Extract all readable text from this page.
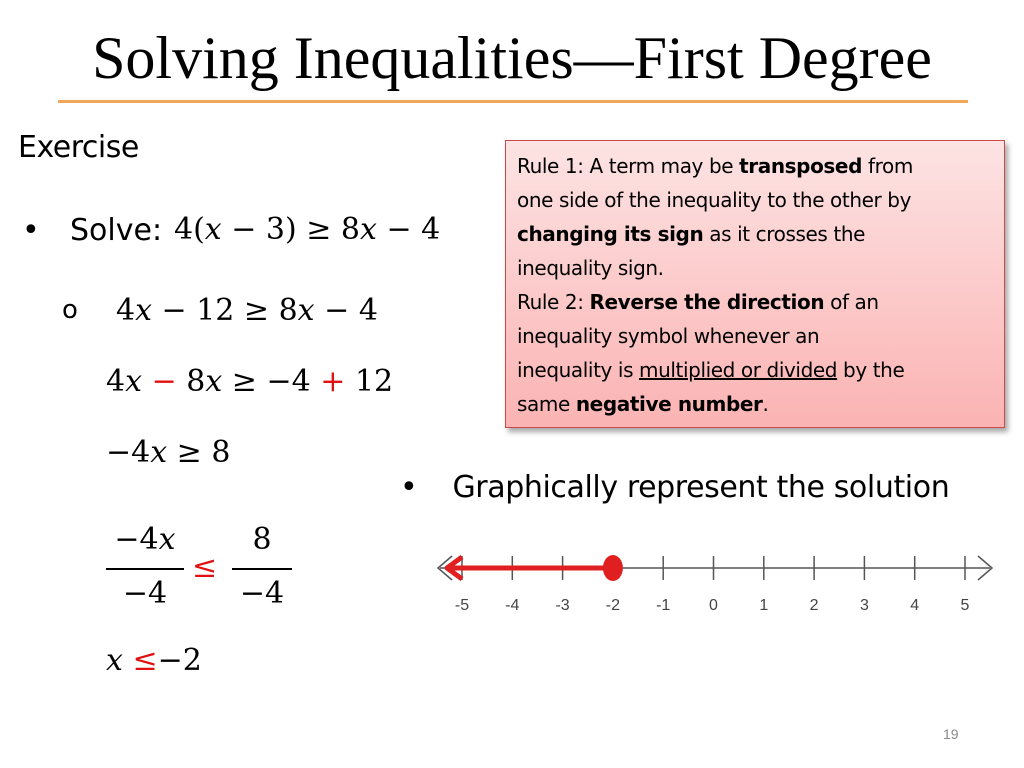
Solving Inequalities—First Degree
Exercise
• Solve: 4(𝑥 − 3) ≥ 8𝑥 − 4
o 4𝑥 − 12 ≥ 8𝑥 − 4
4𝑥 − 8𝑥 ≥ −4 + 12
−4𝑥 ≥ 8
−4𝑥
−4
≤
8
−4
𝑥 ≤−2
Rule 1: A term may be transposed from
one side of the inequality to the other by
changing its sign as it crosses the
inequality sign.
Rule 2: Reverse the direction of an
inequality symbol whenever an
inequality is multiplied or divided by the
same negative number.
• Graphically represent the solution
-5 -4 -3 -2 -1 0	1	2	3	4	5
19
